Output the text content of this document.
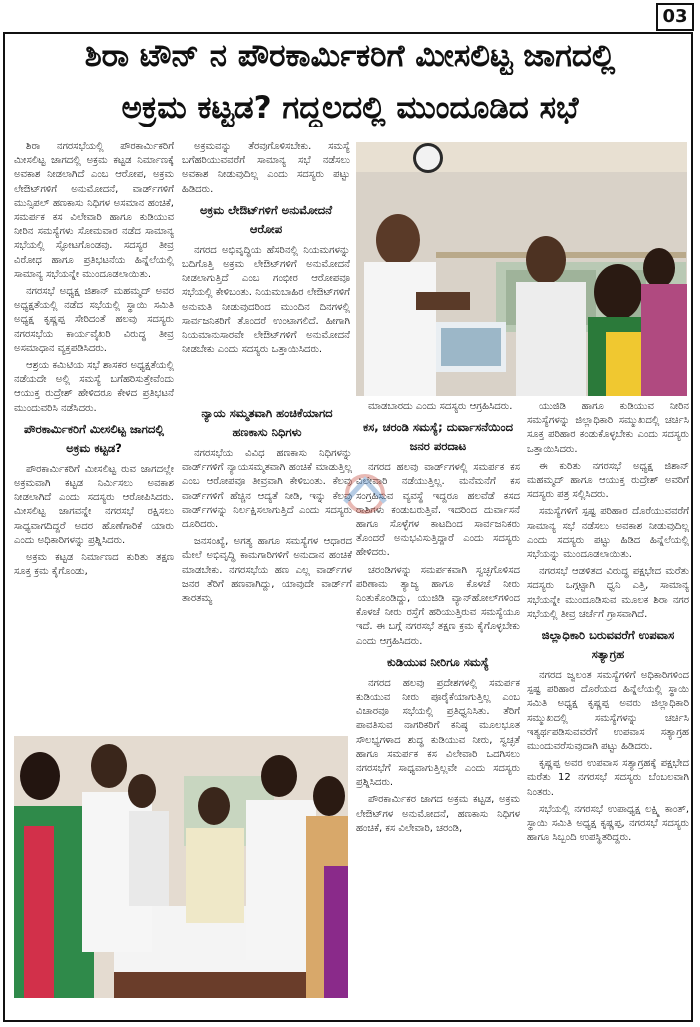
03
ಶಿರಾ ಟೌನ್ ನ ಪೌರಕಾರ್ಮಿಕರಿಗೆ ಮೀಸಲಿಟ್ಟ ಜಾಗದಲ್ಲಿ
ಅಕ್ರಮ ಕಟ್ಟಡ? ಗದ್ದಲದಲ್ಲಿ ಮುಂದೂಡಿದ ಸಭೆ

ಶಿರಾ ನಗರಸಭೆಯಲ್ಲಿ ಪೌರಕಾರ್ಮಿಕರಿಗೆ ಮೀಸಲಿಟ್ಟ ಜಾಗದಲ್ಲಿ ಅಕ್ರಮ ಕಟ್ಟಡ ನಿರ್ಮಾಣಕ್ಕೆ ಅವಕಾಶ ನೀಡಲಾಗಿದೆ ಎಂಬ ಆರೋಪ, ಅಕ್ರಮ ಲೇಔಟ್‌ಗಳಿಗೆ ಅನುಮೋದನೆ, ವಾರ್ಡ್‌ಗಳಿಗೆ ಮುನ್ಸಿಪಲ್ ಹಣಕಾಸು ನಿಧಿಗಳ ಅಸಮಾನ ಹಂಚಿಕೆ, ಸಮರ್ಪಕ ಕಸ ವಿಲೇವಾರಿ ಹಾಗೂ ಕುಡಿಯುವ ನೀರಿನ ಸಮಸ್ಯೆಗಳು ಸೋಮವಾರ ನಡೆದ ಸಾಮಾನ್ಯ ಸಭೆಯಲ್ಲಿ ಸ್ಫೋಟಗೊಂಡವು. ಸದಸ್ಯರ ತೀವ್ರ ವಿರೋಧ ಹಾಗೂ ಪ್ರತಿಭಟನೆಯ ಹಿನ್ನೆಲೆಯಲ್ಲಿ ಸಾಮಾನ್ಯ ಸಭೆಯನ್ನೇ ಮುಂದೂಡಲಾಯಿತು.

ನಗರಸಭೆ ಅಧ್ಯಕ್ಷ ಜಿಶಾನ್ ಮಹಮ್ಮದ್ ಅವರ ಅಧ್ಯಕ್ಷತೆಯಲ್ಲಿ ನಡೆದ ಸಭೆಯಲ್ಲಿ ಸ್ಥಾಯಿ ಸಮಿತಿ ಅಧ್ಯಕ್ಷ ಕೃಷ್ಣಪ್ಪ ಸೇರಿದಂತೆ ಹಲವು ಸದಸ್ಯರು ನಗರಸಭೆಯ ಕಾರ್ಯವೈಖರಿ ವಿರುದ್ಧ ತೀವ್ರ ಅಸಮಾಧಾನ ವ್ಯಕ್ತಪಡಿಸಿದರು.

ಆಶ್ರಯ ಕಮಿಟಿಯ ಸಭೆ ಶಾಸಕರ ಅಧ್ಯಕ್ಷತೆಯಲ್ಲಿ ನಡೆಯದೇ ಅಲ್ಲಿ ಸಮಸ್ಯೆ ಬಗೆಹರಿಸುತ್ತೇವೆಂದು ಆಯುಕ್ತ ರುದ್ರೇಶ್ ಹೇಳಿದರೂ ಕೇಳದ ಪ್ರತಿಭಟನೆ ಮುಂದುವರಿಸಿ ನಡೆಸಿದರು.

ಪೌರಕಾರ್ಮಿಕರಿಗೆ ಮೀಸಲಿಟ್ಟ ಜಾಗದಲ್ಲಿ ಅಕ್ರಮ ಕಟ್ಟಡ?

ಪೌರಕಾರ್ಮಿಕರಿಗೆ ಮೀಸಲಿಟ್ಟ ರುವ ಜಾಗದಲ್ಲೇ ಅಕ್ರಮವಾಗಿ ಕಟ್ಟಡ ನಿರ್ಮಿಸಲು ಅವಕಾಶ ನೀಡಲಾಗಿದೆ ಎಂದು ಸದಸ್ಯರು ಆರೋಪಿಸಿದರು. ಮೀಸಲಿಟ್ಟ ಜಾಗವನ್ನೇ ನಗರಸಭೆ ರಕ್ಷಿಸಲು ಸಾಧ್ಯವಾಗದಿದ್ದರೆ ಅದರ ಹೊಣೆಗಾರಿಕೆ ಯಾರು ಎಂದು ಅಧಿಕಾರಿಗಳನ್ನು ಪ್ರಶ್ನಿಸಿದರು.

ಅಕ್ರಮ ಕಟ್ಟಡ ನಿರ್ಮಾಣದ ಕುರಿತು ತಕ್ಷಣ ಸೂಕ್ತ ಕ್ರಮ ಕೈಗೊಂಡು,

ಅಕ್ರಮವನ್ನು ತೆರವುಗೊಳಿಸಬೇಕು. ಸಮಸ್ಯೆ ಬಗೆಹರಿಯುವವರೆಗೆ ಸಾಮಾನ್ಯ ಸಭೆ ನಡೆಸಲು ಅವಕಾಶ ನೀಡುವುದಿಲ್ಲ ಎಂದು ಸದಸ್ಯರು ಪಟ್ಟು ಹಿಡಿದರು.

ಅಕ್ರಮ ಲೇಔಟ್‌ಗಳಿಗೆ ಅನುಮೋದನೆ ಆರೋಪ

ನಗರದ ಅಭಿವೃದ್ಧಿಯ ಹೆಸರಿನಲ್ಲಿ ನಿಯಮಗಳನ್ನು ಬದಿಗೊತ್ತಿ ಅಕ್ರಮ ಲೇಔಟ್‌ಗಳಿಗೆ ಅನುಮೋದನೆ ನೀಡಲಾಗುತ್ತಿದೆ ಎಂಬ ಗಂಭೀರ ಆರೋಪವೂ ಸಭೆಯಲ್ಲಿ ಕೇಳಿಬಂತು. ನಿಯಮಬಾಹಿರ ಲೇಔಟ್‌ಗಳಿಗೆ ಅನುಮತಿ ನೀಡುವುದರಿಂದ ಮುಂದಿನ ದಿನಗಳಲ್ಲಿ ಸಾರ್ವಜನಿಕರಿಗೆ ತೊಂದರೆ ಉಂಟಾಗಲಿದೆ. ಹೀಗಾಗಿ ನಿಯಮಾನುಸಾರವೇ ಲೇಔಟ್‌ಗಳಿಗೆ ಅನುಮೋದನೆ ನೀಡಬೇಕು ಎಂದು ಸದಸ್ಯರು ಒತ್ತಾಯಿಸಿದರು.

ನ್ಯಾಯ ಸಮ್ಮತವಾಗಿ ಹಂಚಿಕೆಯಾಗದ ಹಣಕಾಸು ನಿಧಿಗಳು

ನಗರಸಭೆಯ ವಿವಿಧ ಹಣಕಾಸು ನಿಧಿಗಳನ್ನು ವಾರ್ಡ್‌ಗಳಿಗೆ ನ್ಯಾಯಸಮ್ಮತವಾಗಿ ಹಂಚಿಕೆ ಮಾಡುತ್ತಿಲ್ಲ ಎಂಬ ಆರೋಪವೂ ತೀವ್ರವಾಗಿ ಕೇಳಿಬಂತು. ಕೆಲವು ವಾರ್ಡ್‌ಗಳಿಗೆ ಹೆಚ್ಚಿನ ಆದ್ಯತೆ ನೀಡಿ, ಇನ್ನು ಕೆಲವು ವಾರ್ಡ್‌ಗಳನ್ನು ನಿರ್ಲಕ್ಷಿಸಲಾಗುತ್ತಿದೆ ಎಂದು ಸದಸ್ಯರು ದೂರಿದರು.

ಜನಸಂಖ್ಯೆ, ಅಗತ್ಯ ಹಾಗೂ ಸಮಸ್ಯೆಗಳ ಆಧಾರದ ಮೇಲೆ ಅಭಿವೃದ್ಧಿ ಕಾಮಗಾರಿಗಳಿಗೆ ಅನುದಾನ ಹಂಚಿಕೆ ಮಾಡಬೇಕು. ನಗರಸಭೆಯ ಹಣ ಎಲ್ಲ ವಾರ್ಡ್‌ಗಳ ಜನರ ತೆರಿಗೆ ಹಣವಾಗಿದ್ದು, ಯಾವುದೇ ವಾರ್ಡ್‌ಗೆ ತಾರತಮ್ಯ

ಮಾಡಬಾರದು ಎಂದು ಸದಸ್ಯರು ಆಗ್ರಹಿಸಿದರು.

ಕಸ, ಚರಂಡಿ ಸಮಸ್ಯೆ; ದುರ್ವಾಸನೆಯಿಂದ ಜನರ ಪರದಾಟ

ನಗರದ ಹಲವು ವಾರ್ಡ್‌ಗಳಲ್ಲಿ ಸಮರ್ಪಕ ಕಸ ವಿಲೇವಾರಿ ನಡೆಯುತ್ತಿಲ್ಲ. ಮನೆಮನೆಗೆ ಕಸ ಸಂಗ್ರಹಿಸುವ ವ್ಯವಸ್ಥೆ ಇದ್ದರೂ ಹಲವೆಡೆ ಕಸದ ರಾಶಿಗಳು ಕಂಡುಬರುತ್ತಿವೆ. ಇದರಿಂದ ದುರ್ವಾಸನೆ ಹಾಗೂ ಸೊಳ್ಳೆಗಳ ಕಾಟದಿಂದ ಸಾರ್ವಜನಿಕರು ತೊಂದರೆ ಅನುಭವಿಸುತ್ತಿದ್ದಾರೆ ಎಂದು ಸದಸ್ಯರು ಹೇಳಿದರು.

ಚರಂಡಿಗಳನ್ನು ಸಮರ್ಪಕವಾಗಿ ಸ್ವಚ್ಛಗೊಳಿಸದ ಪರಿಣಾಮ ತ್ಯಾಜ್ಯ ಹಾಗೂ ಕೊಳಚೆ ನೀರು ನಿಂತುಕೊಂಡಿದ್ದು, ಯುಜಿಡಿ ವ್ಯಾನ್‌ಹೋಲ್‌ಗಳಿಂದ ಕೊಳಚೆ ನೀರು ರಸ್ತೆಗೆ ಹರಿಯುತ್ತಿರುವ ಸಮಸ್ಯೆಯೂ ಇದೆ. ಈ ಬಗ್ಗೆ ನಗರಸಭೆ ತಕ್ಷಣ ಕ್ರಮ ಕೈಗೊಳ್ಳಬೇಕು ಎಂದು ಆಗ್ರಹಿಸಿದರು.

ಕುಡಿಯುವ ನೀರಿಗೂ ಸಮಸ್ಯೆ

ನಗರದ ಹಲವು ಪ್ರದೇಶಗಳಲ್ಲಿ ಸಮರ್ಪಕ ಕುಡಿಯುವ ನೀರು ಪೂರೈಕೆಯಾಗುತ್ತಿಲ್ಲ ಎಂಬ ವಿಚಾರವೂ ಸಭೆಯಲ್ಲಿ ಪ್ರತಿಧ್ವನಿಸಿತು. ತೆರಿಗೆ ಪಾವತಿಸುವ ನಾಗರಿಕರಿಗೆ ಕನಿಷ್ಠ ಮೂಲಭೂತ ಸೌಲಭ್ಯಗಳಾದ ಶುದ್ಧ ಕುಡಿಯುವ ನೀರು, ಸ್ವಚ್ಛತೆ ಹಾಗೂ ಸಮರ್ಪಕ ಕಸ ವಿಲೇವಾರಿ ಒದಗಿಸಲು ನಗರಸಭೆಗೆ ಸಾಧ್ಯವಾಗುತ್ತಿಲ್ಲವೇ ಎಂದು ಸದಸ್ಯರು ಪ್ರಶ್ನಿಸಿದರು.

ಪೌರಕಾರ್ಮಿಕರ ಜಾಗದ ಅಕ್ರಮ ಕಟ್ಟಡ, ಅಕ್ರಮ ಲೇಔಟ್‌ಗಳ ಅನುಮೋದನೆ, ಹಣಕಾಸು ನಿಧಿಗಳ ಹಂಚಿಕೆ, ಕಸ ವಿಲೇವಾರಿ, ಚರಂಡಿ,

ಯುಜಿಡಿ ಹಾಗೂ ಕುಡಿಯುವ ನೀರಿನ ಸಮಸ್ಯೆಗಳನ್ನು ಜಿಲ್ಲಾಧಿಕಾರಿ ಸಮ್ಮುಖದಲ್ಲಿ ಚರ್ಚಿಸಿ ಸೂಕ್ತ ಪರಿಹಾರ ಕಂಡುಕೊಳ್ಳಬೇಕು ಎಂದು ಸದಸ್ಯರು ಒತ್ತಾಯಿಸಿದರು.

ಈ ಕುರಿತು ನಗರಸಭೆ ಅಧ್ಯಕ್ಷ ಜಿಶಾನ್ ಮಹಮ್ಮದ್ ಹಾಗೂ ಆಯುಕ್ತ ರುದ್ರೇಶ್ ಅವರಿಗೆ ಸದಸ್ಯರು ಪತ್ರ ಸಲ್ಲಿಸಿದರು.

ಸಮಸ್ಯೆಗಳಿಗೆ ಸ್ಪಷ್ಟ ಪರಿಹಾರ ದೊರೆಯುವವರೆಗೆ ಸಾಮಾನ್ಯ ಸಭೆ ನಡೆಸಲು ಅವಕಾಶ ನೀಡುವುದಿಲ್ಲ ಎಂದು ಸದಸ್ಯರು ಪಟ್ಟು ಹಿಡಿದ ಹಿನ್ನೆಲೆಯಲ್ಲಿ ಸಭೆಯನ್ನು ಮುಂದೂಡಲಾಯಿತು.

ನಗರಸಭೆ ಆಡಳಿತದ ವಿರುದ್ಧ ಪಕ್ಷಭೇದ ಮರೆತು ಸದಸ್ಯರು ಒಗ್ಗಟ್ಟಾಗಿ ಧ್ವನಿ ಎತ್ತಿ, ಸಾಮಾನ್ಯ ಸಭೆಯನ್ನೇ ಮುಂದೂಡಿಸುವ ಮೂಲಕ ಶಿರಾ ನಗರ ಸಭೆಯಲ್ಲಿ ತೀವ್ರ ಚರ್ಚೆಗೆ ಗ್ರಾಸವಾಗಿದೆ.

ಜಿಲ್ಲಾಧಿಕಾರಿ ಬರುವವರೆಗೆ ಉಪವಾಸ ಸತ್ಯಾಗ್ರಹ

ನಗರದ ಜ್ವಲಂತ ಸಮಸ್ಯೆಗಳಿಗೆ ಅಧಿಕಾರಿಗಳಿಂದ ಸ್ಪಷ್ಟ ಪರಿಹಾರ ದೊರೆಯದ ಹಿನ್ನೆಲೆಯಲ್ಲಿ ಸ್ಥಾಯಿ ಸಮಿತಿ ಅಧ್ಯಕ್ಷ ಕೃಷ್ಣಪ್ಪ ಅವರು ಜಿಲ್ಲಾಧಿಕಾರಿ ಸಮ್ಮುಖದಲ್ಲಿ ಸಮಸ್ಯೆಗಳನ್ನು ಚರ್ಚಿಸಿ ಇತ್ಯರ್ಥಪಡಿಸುವವರೆಗೆ ಉಪವಾಸ ಸತ್ಯಾಗ್ರಹ ಮುಂದುವರೆಸುವುದಾಗಿ ಪಟ್ಟು ಹಿಡಿದರು.

ಕೃಷ್ಣಪ್ಪ ಅವರ ಉಪವಾಸ ಸತ್ಯಾಗ್ರಹಕ್ಕೆ ಪಕ್ಷಭೇದ ಮರೆತು 12 ನಗರಸಭೆ ಸದಸ್ಯರು ಬೆಂಬಲವಾಗಿ ನಿಂತರು.

ಸಭೆಯಲ್ಲಿ ನಗರಸಭೆ ಉಪಾಧ್ಯಕ್ಷ ಲಕ್ಷ್ಮಿ ಕಾಂತ್, ಸ್ಥಾಯಿ ಸಮಿತಿ ಅಧ್ಯಕ್ಷ ಕೃಷ್ಣಪ್ಪ, ನಗರಸಭೆ ಸದಸ್ಯರು ಹಾಗೂ ಸಿಬ್ಬಂದಿ ಉಪಸ್ಥಿತರಿದ್ದರು.
